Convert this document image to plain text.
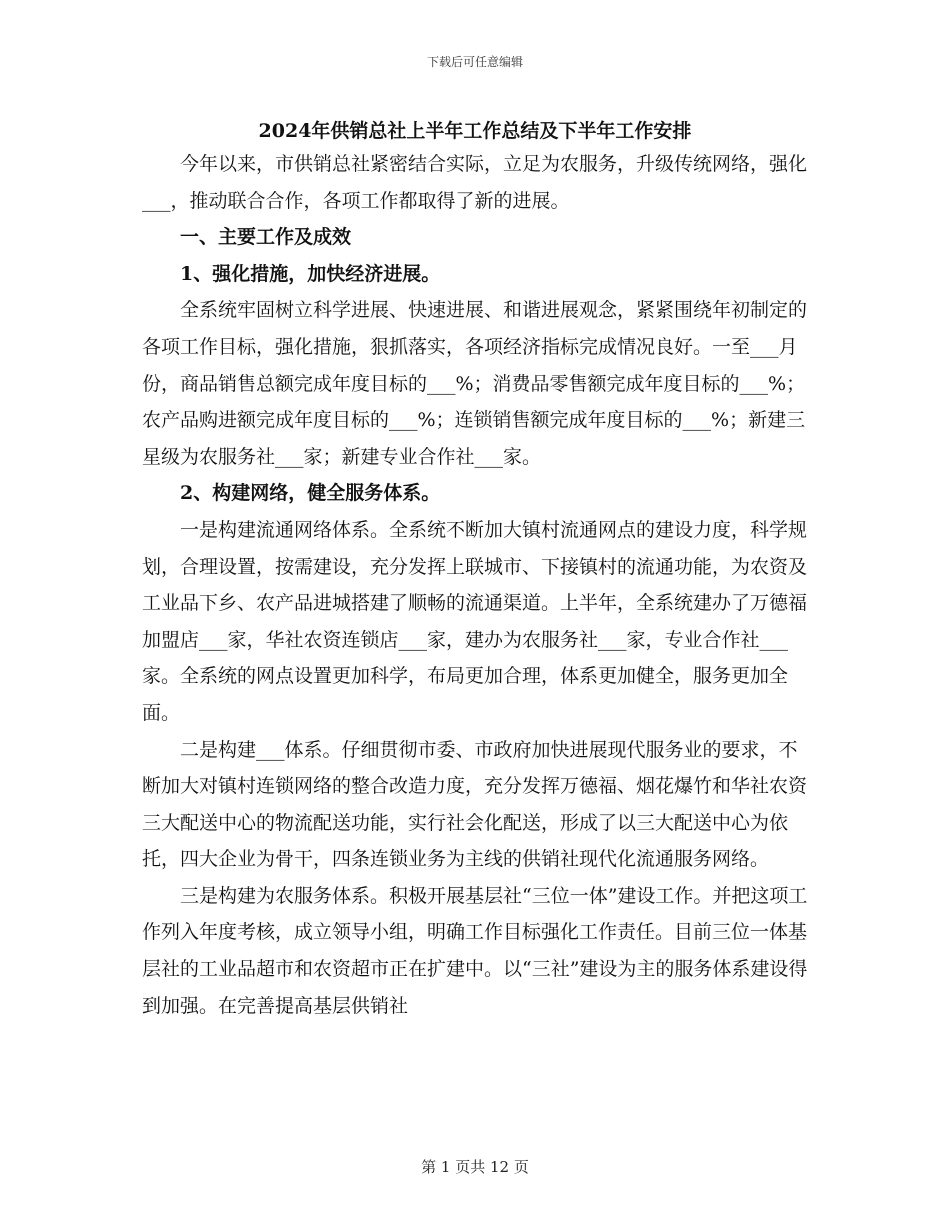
下载后可任意编辑
2024年供销总社上半年工作总结及下半年工作安排

今年以来，市供销总社紧密结合实际，立足为农服务，升级传统网络，强化___，推动联合合作，各项工作都取得了新的进展。

一、主要工作及成效

1、强化措施，加快经济进展。

全系统牢固树立科学进展、快速进展、和谐进展观念，紧紧围绕年初制定的各项工作目标，强化措施，狠抓落实，各项经济指标完成情况良好。一至___月份，商品销售总额完成年度目标的___%；消费品零售额完成年度目标的___%；农产品购进额完成年度目标的___%；连锁销售额完成年度目标的___%；新建三星级为农服务社___家；新建专业合作社___家。

2、构建网络，健全服务体系。

一是构建流通网络体系。全系统不断加大镇村流通网点的建设力度，科学规划，合理设置，按需建设，充分发挥上联城市、下接镇村的流通功能，为农资及工业品下乡、农产品进城搭建了顺畅的流通渠道。上半年，全系统建办了万德福加盟店___家，华社农资连锁店___家，建办为农服务社___家，专业合作社___家。全系统的网点设置更加科学，布局更加合理，体系更加健全，服务更加全面。

二是构建___体系。仔细贯彻市委、市政府加快进展现代服务业的要求，不断加大对镇村连锁网络的整合改造力度，充分发挥万德福、烟花爆竹和华社农资三大配送中心的物流配送功能，实行社会化配送，形成了以三大配送中心为依托，四大企业为骨干，四条连锁业务为主线的供销社现代化流通服务网络。

三是构建为农服务体系。积极开展基层社“三位一体”建设工作。并把这项工作列入年度考核，成立领导小组，明确工作目标强化工作责任。目前三位一体基层社的工业品超市和农资超市正在扩建中。以“三社”建设为主的服务体系建设得到加强。在完善提高基层供销社

第 1 页共 12 页
